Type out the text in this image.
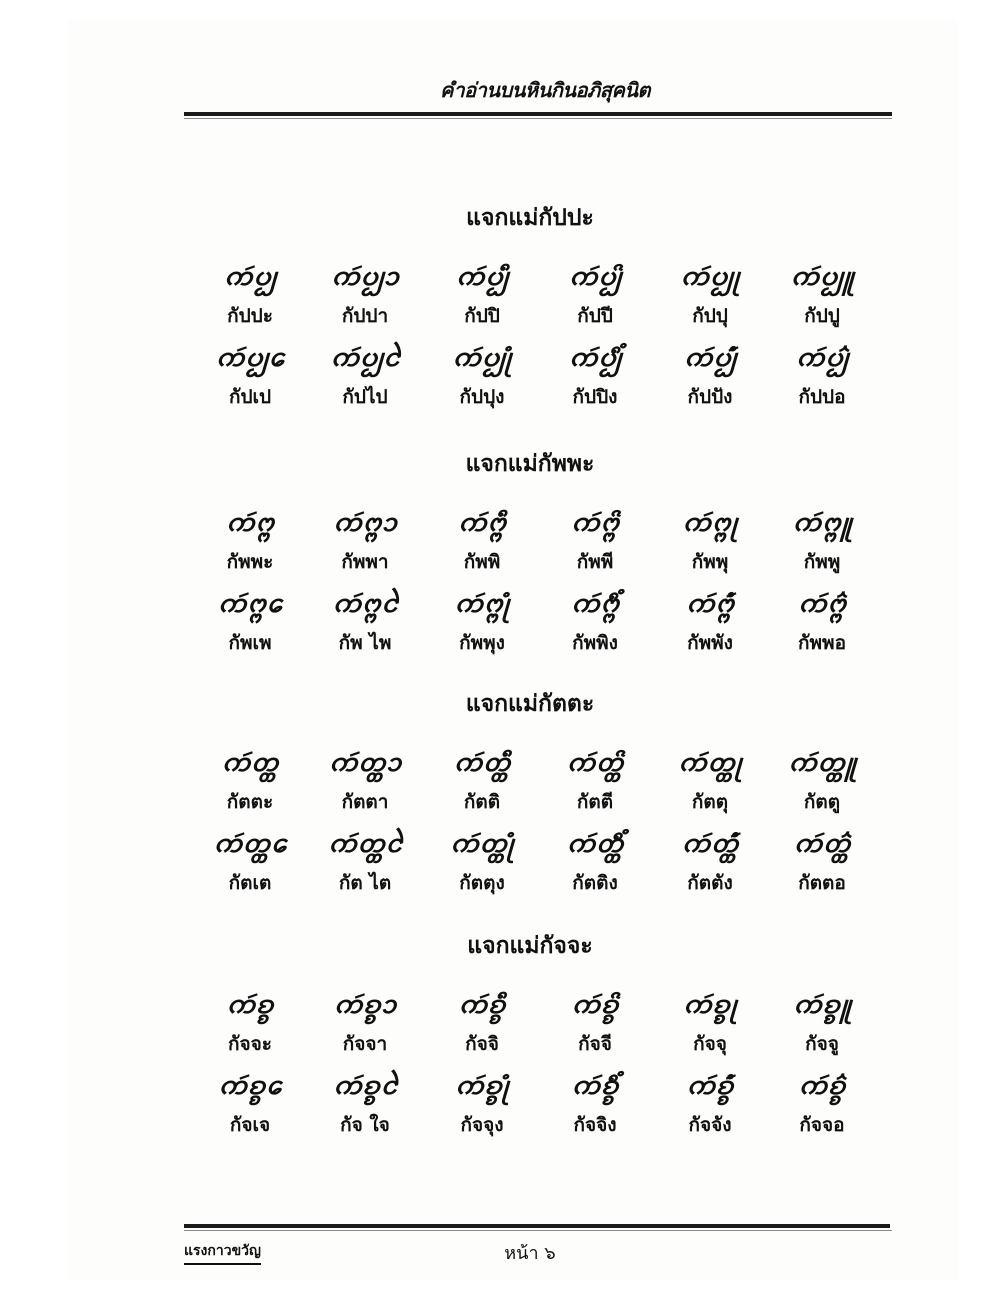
คำอ่านบนหินกินอภิสุคนิต
แจกแม่กัปปะ
ᨠᩢᨷ᩠ᨷ
กัปปะ
ᨠᩢᨷ᩠ᨷᩣ
กัปปา
ᨠᩢᨷ᩠ᨷᩥ
กัปปิ
ᨠᩢᨷ᩠ᨷᩦ
กัปปี
ᨠᩢᨷ᩠ᨷᩩ
กัปปุ
ᨠᩢᨷ᩠ᨷᩪ
กัปปู
ᨠᩢᨷ᩠ᨷᩮ
กัปเป
ᨠᩢᨷ᩠ᨷᩱ
กัปไป
ᨠᩢᨷ᩠ᨷᩩᩴ
กัปปุง
ᨠᩢᨷ᩠ᨷᩥᩴ
กัปปิง
ᨠᩢᨷ᩠ᨷᩢᩴ
กัปปัง
ᨠᩢᨷ᩠ᨷᩳ
กัปปอ
แจกแม่กัพพะ
ᨠᩢᨻ᩠ᨻ
กัพพะ
ᨠᩢᨻ᩠ᨻᩣ
กัพพา
ᨠᩢᨻ᩠ᨻᩥ
กัพพิ
ᨠᩢᨻ᩠ᨻᩦ
กัพพี
ᨠᩢᨻ᩠ᨻᩩ
กัพพุ
ᨠᩢᨻ᩠ᨻᩪ
กัพพู
ᨠᩢᨻ᩠ᨻᩮ
กัพเพ
ᨠᩢᨻ᩠ᨻᩱ
กัพ ไพ
ᨠᩢᨻ᩠ᨻᩩᩴ
กัพพุง
ᨠᩢᨻ᩠ᨻᩥᩴ
กัพพิง
ᨠᩢᨻ᩠ᨻᩢᩴ
กัพพัง
ᨠᩢᨻ᩠ᨻᩳ
กัพพอ
แจกแม่กัตตะ
ᨠᩢᨲ᩠ᨲ
กัตตะ
ᨠᩢᨲ᩠ᨲᩣ
กัตตา
ᨠᩢᨲ᩠ᨲᩥ
กัตติ
ᨠᩢᨲ᩠ᨲᩦ
กัตตี
ᨠᩢᨲ᩠ᨲᩩ
กัตตุ
ᨠᩢᨲ᩠ᨲᩪ
กัตตู
ᨠᩢᨲ᩠ᨲᩮ
กัตเต
ᨠᩢᨲ᩠ᨲᩱ
กัต ไต
ᨠᩢᨲ᩠ᨲᩩᩴ
กัตตุง
ᨠᩢᨲ᩠ᨲᩥᩴ
กัตติง
ᨠᩢᨲ᩠ᨲᩢᩴ
กัตตัง
ᨠᩢᨲ᩠ᨲᩳ
กัตตอ
แจกแม่กัจจะ
ᨠᩢᨧ᩠ᨧ
กัจจะ
ᨠᩢᨧ᩠ᨧᩣ
กัจจา
ᨠᩢᨧ᩠ᨧᩥ
กัจจิ
ᨠᩢᨧ᩠ᨧᩦ
กัจจี
ᨠᩢᨧ᩠ᨧᩩ
กัจจุ
ᨠᩢᨧ᩠ᨧᩪ
กัจจู
ᨠᩢᨧ᩠ᨧᩮ
กัจเจ
ᨠᩢᨧ᩠ᨧᩱ
กัจ ใจ
ᨠᩢᨧ᩠ᨧᩩᩴ
กัจจุง
ᨠᩢᨧ᩠ᨧᩥᩴ
กัจจิง
ᨠᩢᨧ᩠ᨧᩢᩴ
กัจจัง
ᨠᩢᨧ᩠ᨧᩳ
กัจจอ
แรงกาวขวัญ	หน้า ๖
